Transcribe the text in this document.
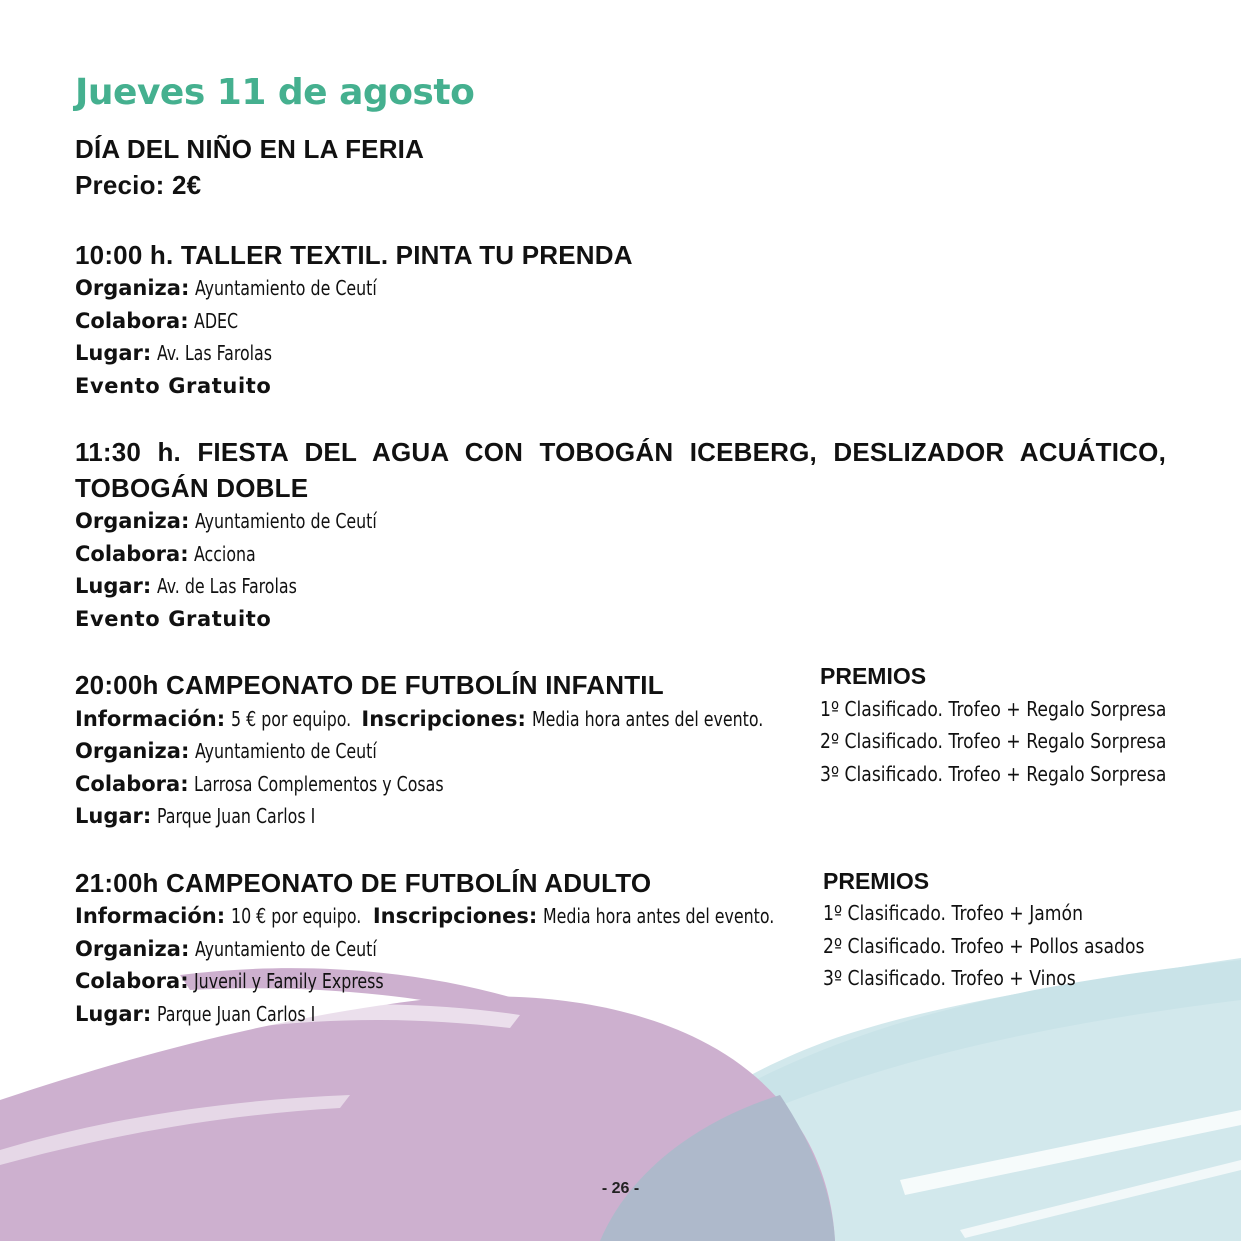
Jueves 11 de agosto

DÍA DEL NIÑO EN LA FERIA

Precio: 2€

10:00 h. TALLER TEXTIL. PINTA TU PRENDA

Organiza: Ayuntamiento de Ceutí

Colabora: ADEC

Lugar: Av. Las Farolas

Evento Gratuito

11:30 h. FIESTA DEL AGUA CON TOBOGÁN ICEBERG, DESLIZADOR ACUÁTICO,

TOBOGÁN DOBLE

Organiza: Ayuntamiento de Ceutí

Colabora: Acciona

Lugar: Av. de Las Farolas

Evento Gratuito

20:00h CAMPEONATO DE FUTBOLÍN INFANTIL

Información: 5 € por equipo. Inscripciones: Media hora antes del evento.

Organiza: Ayuntamiento de Ceutí

Colabora: Larrosa Complementos y Cosas

Lugar: Parque Juan Carlos I

PREMIOS

1º Clasificado. Trofeo + Regalo Sorpresa

2º Clasificado. Trofeo + Regalo Sorpresa

3º Clasificado. Trofeo + Regalo Sorpresa

21:00h CAMPEONATO DE FUTBOLÍN ADULTO

Información: 10 € por equipo. Inscripciones: Media hora antes del evento.

Organiza: Ayuntamiento de Ceutí

Colabora: Juvenil y Family Express

Lugar: Parque Juan Carlos I

PREMIOS

1º Clasificado. Trofeo + Jamón

2º Clasificado. Trofeo + Pollos asados

3º Clasificado. Trofeo + Vinos

- 26 -
